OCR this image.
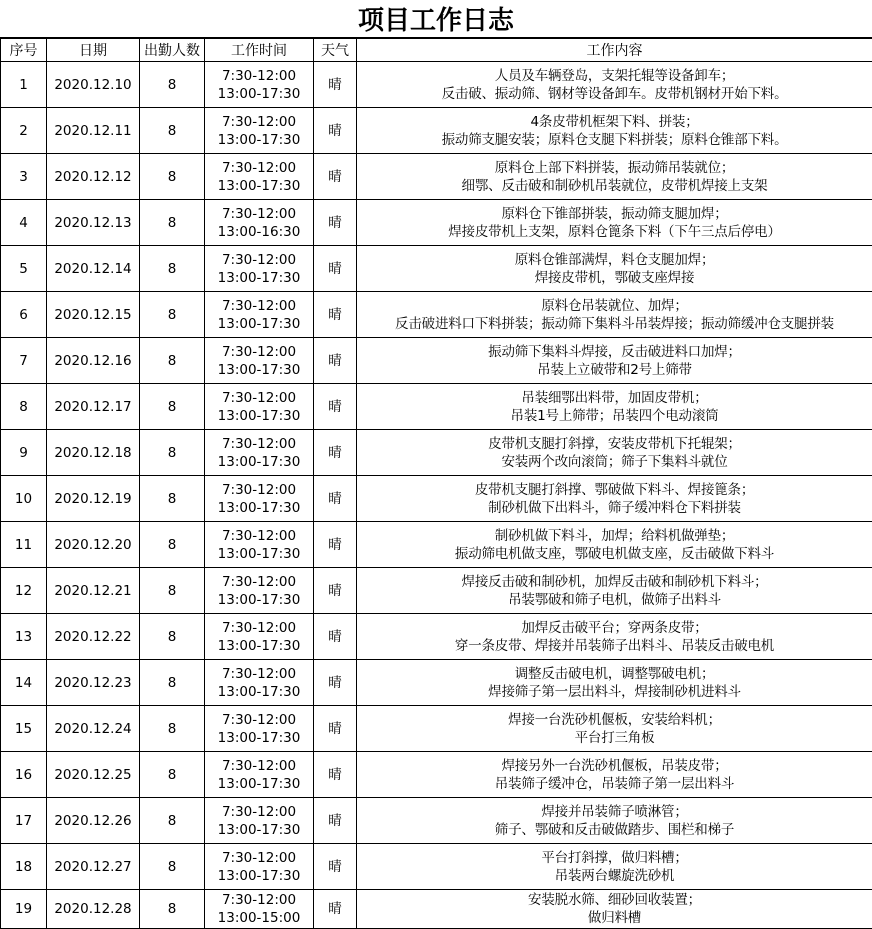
项目工作日志
序号	日期	出勤人数	工作时间	天气	工作内容
1	2020.12.10	8	7:30-12:00
13:00-17:30	晴	人员及车辆登岛，支架托辊等设备卸车；
反击破、振动筛、钢材等设备卸车。皮带机钢材开始下料。

2	2020.12.11	8	7:30-12:00
13:00-17:30	晴	4条皮带机框架下料、拼装；
振动筛支腿安装；原料仓支腿下料拼装；原料仓锥部下料。

3	2020.12.12	8	7:30-12:00
13:00-17:30	晴	原料仓上部下料拼装，振动筛吊装就位；
细鄂、反击破和制砂机吊装就位，皮带机焊接上支架

4	2020.12.13	8	7:30-12:00
13:00-16:30	晴	原料仓下锥部拼装，振动筛支腿加焊；
焊接皮带机上支架，原料仓篦条下料（下午三点后停电）

5	2020.12.14	8	7:30-12:00
13:00-17:30	晴	原料仓锥部满焊，料仓支腿加焊；
焊接皮带机，鄂破支座焊接

6	2020.12.15	8	7:30-12:00
13:00-17:30	晴	原料仓吊装就位、加焊；
反击破进料口下料拼装；振动筛下集料斗吊装焊接；振动筛缓冲仓支腿拼装

7	2020.12.16	8	7:30-12:00
13:00-17:30	晴	振动筛下集料斗焊接，反击破进料口加焊；
吊装上立破带和2号上筛带

8	2020.12.17	8	7:30-12:00
13:00-17:30	晴	吊装细鄂出料带，加固皮带机；
吊装1号上筛带；吊装四个电动滚筒

9	2020.12.18	8	7:30-12:00
13:00-17:30	晴	皮带机支腿打斜撑，安装皮带机下托辊架；
安装两个改向滚筒；筛子下集料斗就位

10	2020.12.19	8	7:30-12:00
13:00-17:30	晴	皮带机支腿打斜撑、鄂破做下料斗、焊接篦条；
制砂机做下出料斗，筛子缓冲料仓下料拼装

11	2020.12.20	8	7:30-12:00
13:00-17:30	晴	制砂机做下料斗，加焊；给料机做弹垫；
振动筛电机做支座，鄂破电机做支座，反击破做下料斗

12	2020.12.21	8	7:30-12:00
13:00-17:30	晴	焊接反击破和制砂机，加焊反击破和制砂机下料斗；
吊装鄂破和筛子电机，做筛子出料斗

13	2020.12.22	8	7:30-12:00
13:00-17:30	晴	加焊反击破平台；穿两条皮带；
穿一条皮带、焊接并吊装筛子出料斗、吊装反击破电机

14	2020.12.23	8	7:30-12:00
13:00-17:30	晴	调整反击破电机，调整鄂破电机；
焊接筛子第一层出料斗，焊接制砂机进料斗

15	2020.12.24	8	7:30-12:00
13:00-17:30	晴	焊接一台洗砂机偃板，安装给料机；
平台打三角板

16	2020.12.25	8	7:30-12:00
13:00-17:30	晴	焊接另外一台洗砂机偃板，吊装皮带；
吊装筛子缓冲仓，吊装筛子第一层出料斗

17	2020.12.26	8	7:30-12:00
13:00-17:30	晴	焊接并吊装筛子喷淋管；
筛子、鄂破和反击破做踏步、围栏和梯子

18	2020.12.27	8	7:30-12:00
13:00-17:30	晴	平台打斜撑，做归料槽；
吊装两台螺旋洗砂机

19	2020.12.28	8	7:30-12:00
13:00-15:00	晴	安装脱水筛、细砂回收装置；
做归料槽
